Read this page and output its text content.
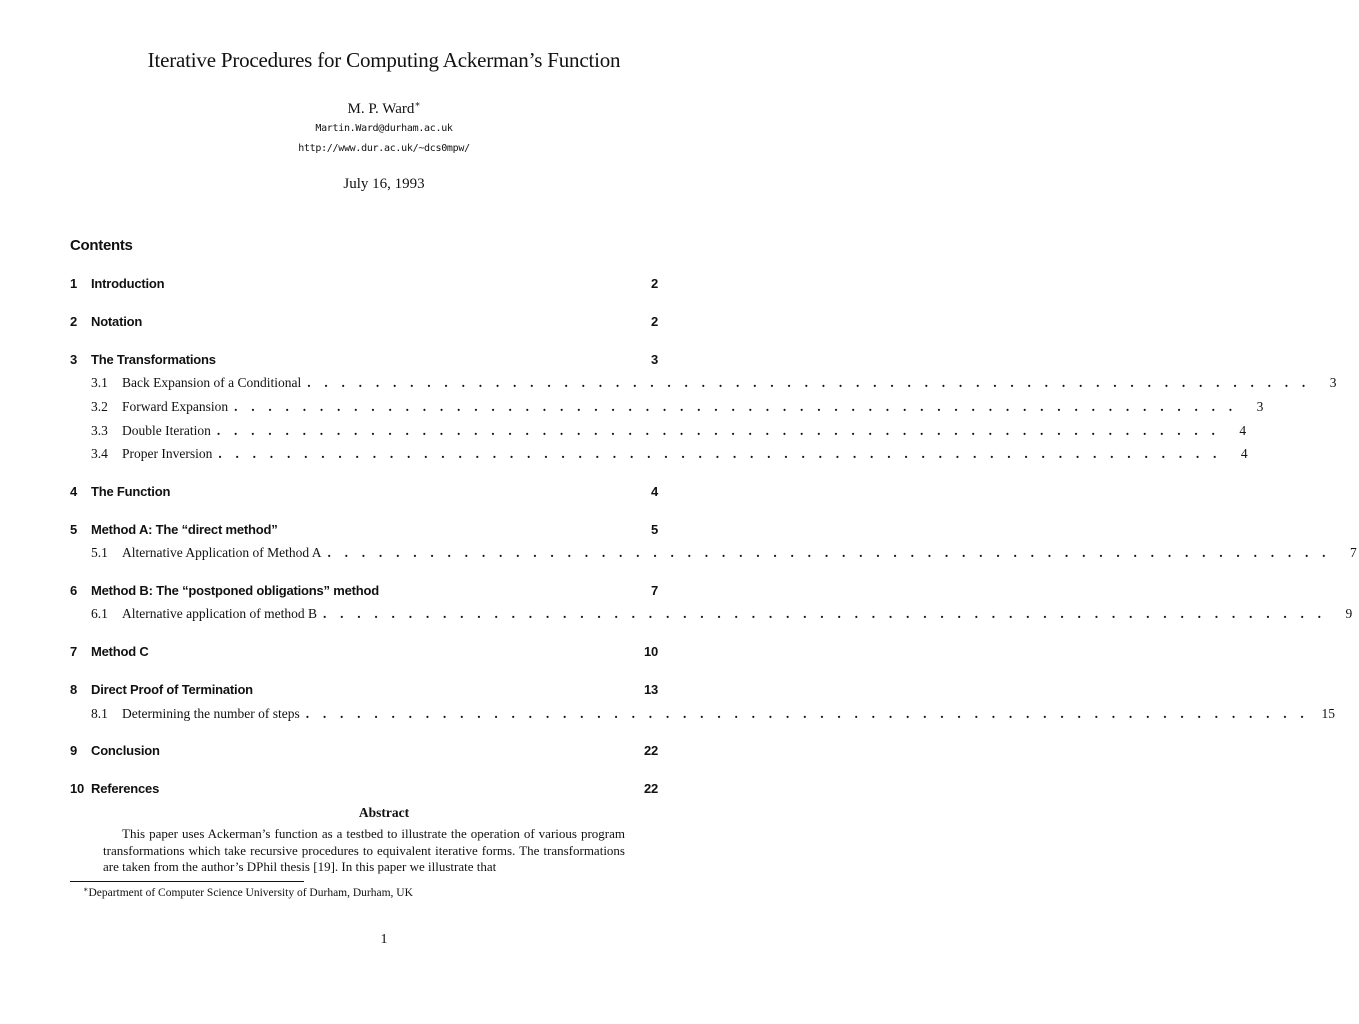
Iterative Procedures for Computing Ackerman’s Function
M. P. Ward∗
Martin.Ward@durham.ac.uk
http://www.dur.ac.uk/~dcs0mpw/
July 16, 1993
Contents
1 Introduction	2
2 Notation	2
3 The Transformations	3
3.1	Back Expansion of a Conditional . . . . . . . . . . . . . . . . . . . . . . . . . . . . . . . . . . . . . . . . . . . . . . . . . . . . . . . . . . .	3
3.2	Forward Expansion . . . . . . . . . . . . . . . . . . . . . . . . . . . . . . . . . . . . . . . . . . . . . . . . . . . . . . . . . . .	3
3.3	Double Iteration . . . . . . . . . . . . . . . . . . . . . . . . . . . . . . . . . . . . . . . . . . . . . . . . . . . . . . . . . . .	4
3.4	Proper Inversion . . . . . . . . . . . . . . . . . . . . . . . . . . . . . . . . . . . . . . . . . . . . . . . . . . . . . . . . . . .	4
4 The Function	4
5 Method A: The “direct method”	5
5.1	Alternative Application of Method A . . . . . . . . . . . . . . . . . . . . . . . . . . . . . . . . . . . . . . . . . . . . . . . . . . . . . . . . . . .	7
6 Method B: The “postponed obligations” method	7
6.1	Alternative application of method B . . . . . . . . . . . . . . . . . . . . . . . . . . . . . . . . . . . . . . . . . . . . . . . . . . . . . . . . . . .	9
7 Method C	10
8 Direct Proof of Termination	13
8.1	Determining the number of steps . . . . . . . . . . . . . . . . . . . . . . . . . . . . . . . . . . . . . . . . . . . . . . . . . . . . . . . . . . . 15
9 Conclusion	22
10 References	22
Abstract

This paper uses Ackerman’s function as a testbed to illustrate the operation of various program transformations which take recursive procedures to equivalent iterative forms. The transformations are taken from the author’s DPhil thesis [19]. In this paper we illustrate that

∗Department of Computer Science University of Durham, Durham, UK
1
